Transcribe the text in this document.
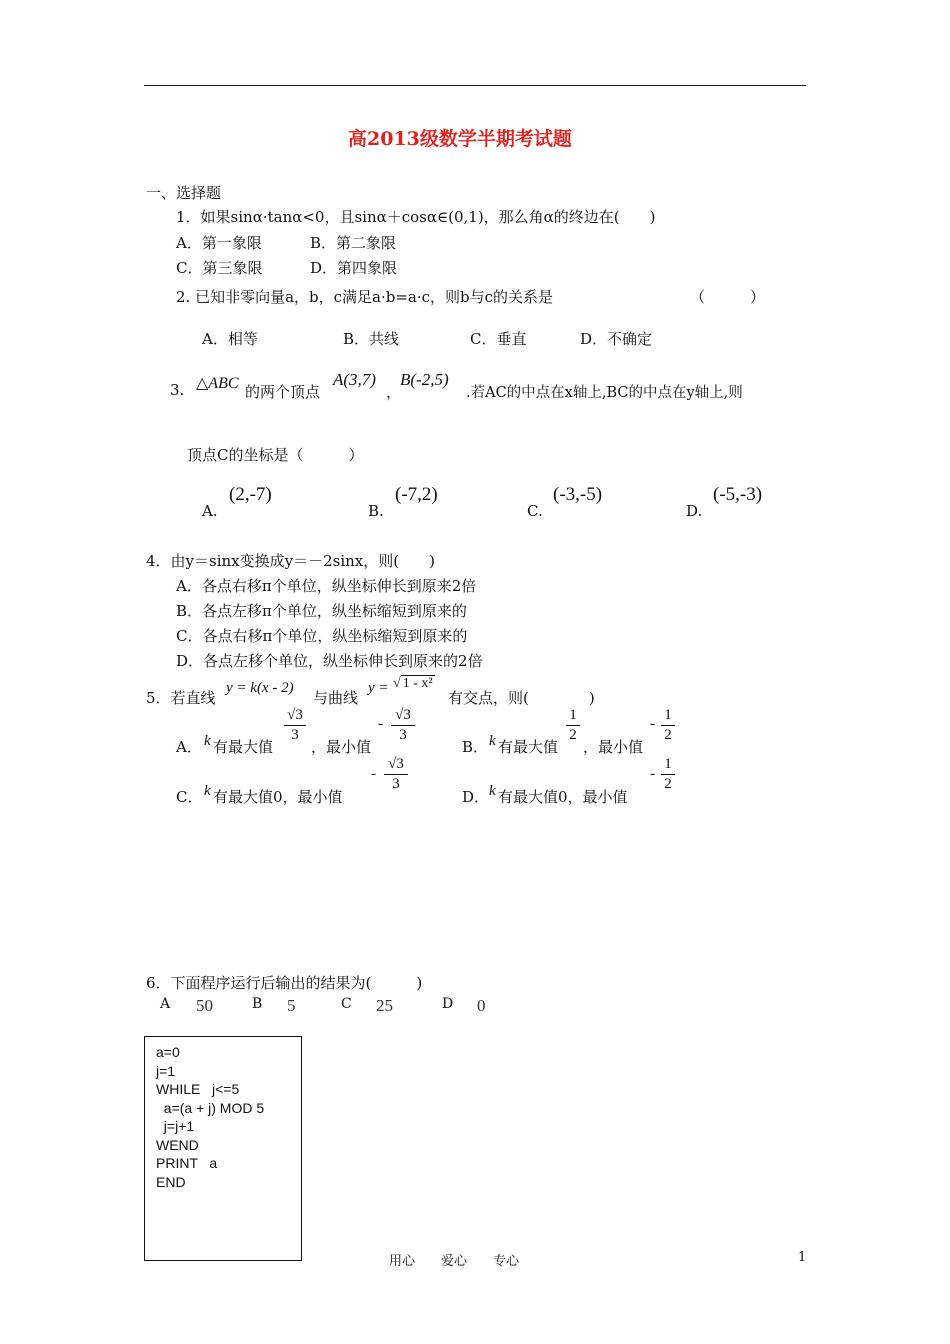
高2013级数学半期考试题
一、选择题
1．如果sinα·tanα<0，且sinα＋cosα∈(0,1)，那么角α的终边在(　　)
A．第一象限	B．第二象限
C．第三象限	D．第四象限
2. 已知非零向量a，b，c满足a·b=a·c，则b与c的关系是	（　　　）
A．相等	B．共线	C．垂直	D．不确定
3. △ABC 的两个顶点
A(3,7)
，
B(-2,5)
.若AC的中点在x轴上,BC的中点在y轴上,则
顶点C的坐标是（　　　）
A.
(2,-7)
B.
(-7,2)
C.
(-3,-5)
D.
(-5,-3)
4．由y＝sinx变换成y＝－2sinx，则(　　)
A．各点右移π个单位，纵坐标伸长到原来2倍
B．各点左移π个单位，纵坐标缩短到原来的
C．各点右移π个单位，纵坐标缩短到原来的
D．各点左移个单位，纵坐标伸长到原来的2倍
5．若直线
y = k(x - 2)
与曲线
y = √ 1 - x²
有交点，则(　　　　)
A． k 有最大值
√3
3
，最小值
-
√3
3
B． k 有最大值
1
2
，最小值
-
1
2
C． k 有最大值0，最小值
-
√3
3
D． k 有最大值0，最小值
-
1
2
6．下面程序运行后输出的结果为(　　　)
A 50	B 5	C 25	D 0
a=0
j=1
WHILE   j<=5
a=(a + j) MOD 5
j=j+1
WEND
PRINT   a
END
用心　　爱心　　专心	1
